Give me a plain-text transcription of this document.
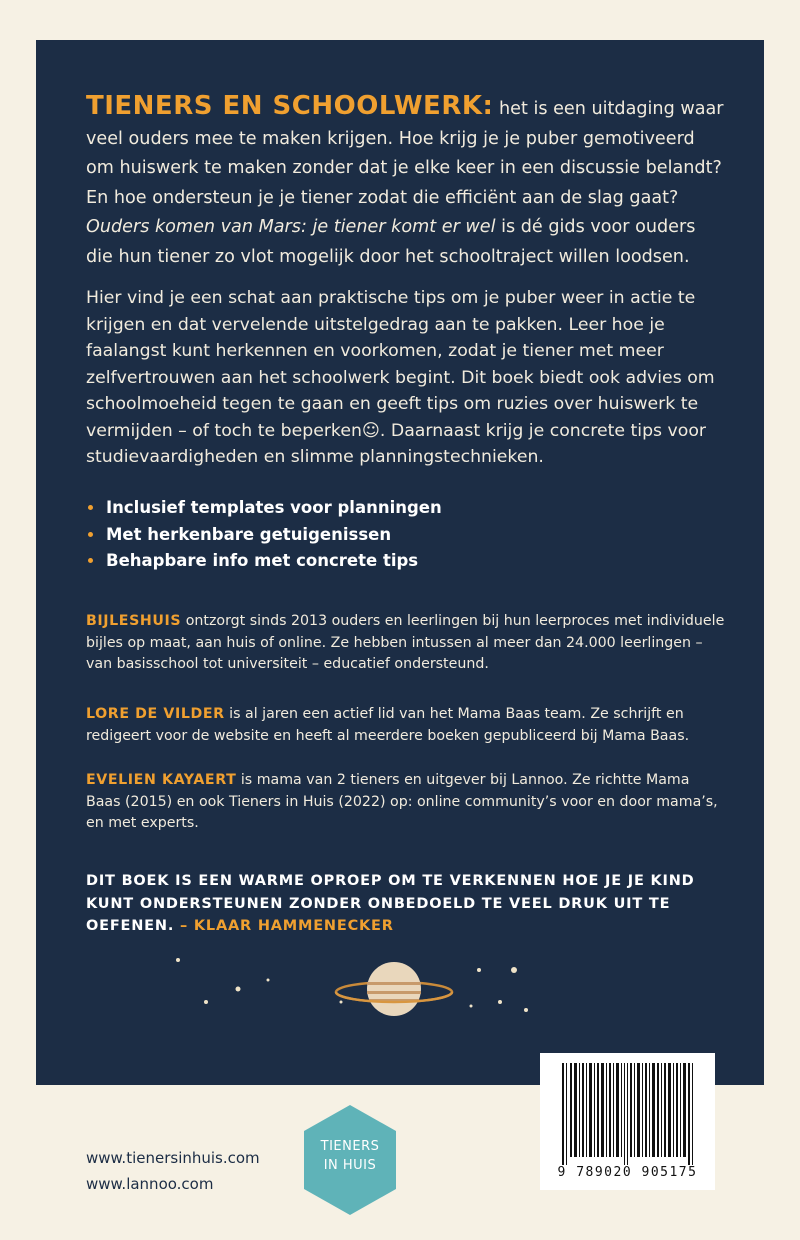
TIENERS EN SCHOOLWERK: het is een uitdaging waar veel ouders mee te maken krijgen. Hoe krijg je je puber gemotiveerd om huiswerk te maken zonder dat je elke keer in een discussie belandt? En hoe ondersteun je je tiener zodat die efficiënt aan de slag gaat? Ouders komen van Mars: je tiener komt er wel is dé gids voor ouders die hun tiener zo vlot mogelijk door het schooltraject willen loodsen.

Hier vind je een schat aan praktische tips om je puber weer in actie te krijgen en dat vervelende uitstelgedrag aan te pakken. Leer hoe je faalangst kunt herkennen en voorkomen, zodat je tiener met meer zelfvertrouwen aan het schoolwerk begint. Dit boek biedt ook advies om schoolmoeheid tegen te gaan en geeft tips om ruzies over huiswerk te vermijden – of toch te beperken☺. Daarnaast krijg je concrete tips voor studievaardigheden en slimme planningstechnieken.

Inclusief templates voor planningen
Met herkenbare getuigenissen
Behapbare info met concrete tips

BIJLESHUIS ontzorgt sinds 2013 ouders en leerlingen bij hun leerproces met individuele bijles op maat, aan huis of online. Ze hebben intussen al meer dan 24.000 leerlingen – van basisschool tot universiteit – educatief ondersteund.

LORE DE VILDER is al jaren een actief lid van het Mama Baas team. Ze schrijft en redigeert voor de website en heeft al meerdere boeken gepubliceerd bij Mama Baas.

EVELIEN KAYAERT is mama van 2 tieners en uitgever bij Lannoo. Ze richtte Mama Baas (2015) en ook Tieners in Huis (2022) op: online community’s voor en door mama’s, en met experts.

DIT BOEK IS EEN WARME OPROEP OM TE VERKENNEN HOE JE JE KIND KUNT ONDERSTEUNEN ZONDER ONBEDOELD TE VEEL DRUK UIT TE OEFENEN. – KLAAR HAMMENECKER

9 789020 905175
TIENERS
IN HUIS
www.tienersinhuis.com
www.lannoo.com
